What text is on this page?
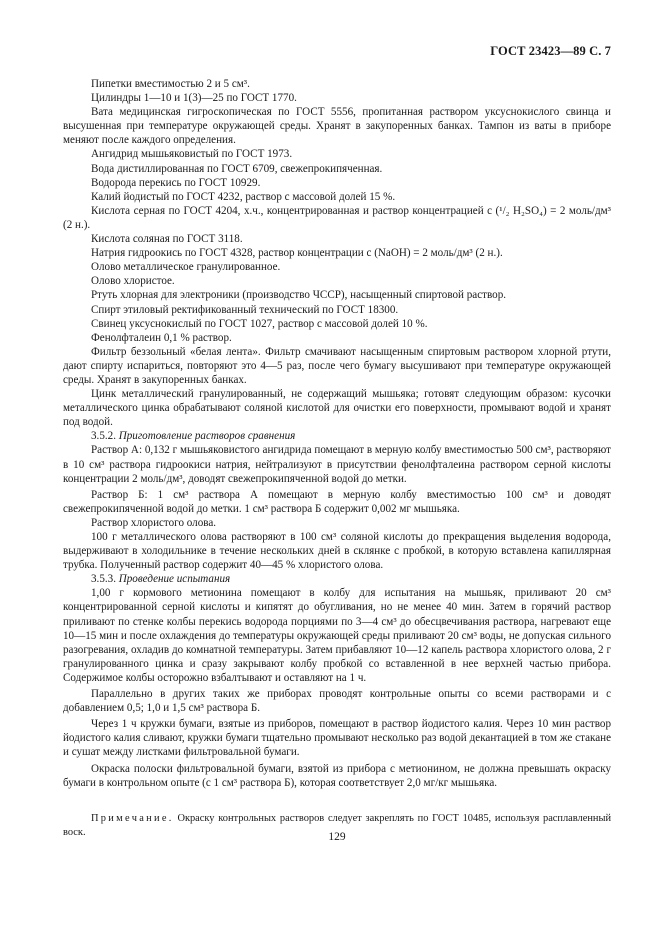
ГОСТ 23423—89 С. 7

Пипетки вместимостью 2 и 5 см³.

Цилиндры 1—10 и 1(3)—25 по ГОСТ 1770.

Вата медицинская гигроскопическая по ГОСТ 5556, пропитанная раствором уксуснокислого свинца и высушенная при температуре окружающей среды. Хранят в закупоренных банках. Тампон из ваты в приборе меняют после каждого определения.

Ангидрид мышьяковистый по ГОСТ 1973.

Вода дистиллированная по ГОСТ 6709, свежепрокипяченная.

Водорода перекись по ГОСТ 10929.

Калий йодистый по ГОСТ 4232, раствор с массовой долей 15 %.

Кислота серная по ГОСТ 4204, х.ч., концентрированная и раствор концентрацией c (¹/₂ H₂SO₄) = 2 моль/дм³ (2 н.).

Кислота соляная по ГОСТ 3118.

Натрия гидроокись по ГОСТ 4328, раствор концентрации c (NaOH) = 2 моль/дм³ (2 н.).

Олово металлическое гранулированное.

Олово хлористое.

Ртуть хлорная для электроники (производство ЧССР), насыщенный спиртовой раствор.

Спирт этиловый ректификованный технический по ГОСТ 18300.

Свинец уксуснокислый по ГОСТ 1027, раствор с массовой долей 10 %.

Фенолфталеин 0,1 % раствор.

Фильтр беззольный «белая лента». Фильтр смачивают насыщенным спиртовым раствором хлорной ртути, дают спирту испариться, повторяют это 4—5 раз, после чего бумагу высушивают при температуре окружающей среды. Хранят в закупоренных банках.

Цинк металлический гранулированный, не содержащий мышьяка; готовят следующим образом: кусочки металлического цинка обрабатывают соляной кислотой для очистки его поверхности, промывают водой и хранят под водой.

3.5.2. Приготовление растворов сравнения

Раствор А: 0,132 г мышьяковистого ангидрида помещают в мерную колбу вместимостью 500 см³, растворяют в 10 см³ раствора гидроокиси натрия, нейтрализуют в присутствии фенолфталеина раствором серной кислоты концентрации 2 моль/дм³, доводят свежепрокипяченной водой до метки.

Раствор Б: 1 см³ раствора А помещают в мерную колбу вместимостью 100 см³ и доводят свежепрокипяченной водой до метки. 1 см³ раствора Б содержит 0,002 мг мышьяка.

Раствор хлористого олова.

100 г металлического олова растворяют в 100 см³ соляной кислоты до прекращения выделения водорода, выдерживают в холодильнике в течение нескольких дней в склянке с пробкой, в которую вставлена капиллярная трубка. Полученный раствор содержит 40—45 % хлористого олова.

3.5.3. Проведение испытания

1,00 г кормового метионина помещают в колбу для испытания на мышьяк, приливают 20 см³ концентрированной серной кислоты и кипятят до обугливания, но не менее 40 мин. Затем в горячий раствор приливают по стенке колбы перекись водорода порциями по 3—4 см³ до обесцвечивания раствора, нагревают еще 10—15 мин и после охлаждения до температуры окружающей среды приливают 20 см³ воды, не допуская сильного разогревания, охладив до комнатной температуры. Затем прибавляют 10—12 капель раствора хлористого олова, 2 г гранулированного цинка и сразу закрывают колбу пробкой со вставленной в нее верхней частью прибора. Содержимое колбы осторожно взбалтывают и оставляют на 1 ч.

Параллельно в других таких же приборах проводят контрольные опыты со всеми растворами и с добавлением 0,5; 1,0 и 1,5 см³ раствора Б.

Через 1 ч кружки бумаги, взятые из приборов, помещают в раствор йодистого калия. Через 10 мин раствор йодистого калия сливают, кружки бумаги тщательно промывают несколько раз водой декантацией в том же стакане и сушат между листками фильтровальной бумаги.

Окраска полоски фильтровальной бумаги, взятой из прибора с метионином, не должна превышать окраску бумаги в контрольном опыте (с 1 см³ раствора Б), которая соответствует 2,0 мг/кг мышьяка.

Примечание. Окраску контрольных растворов следует закреплять по ГОСТ 10485, используя расплавленный воск.	129
